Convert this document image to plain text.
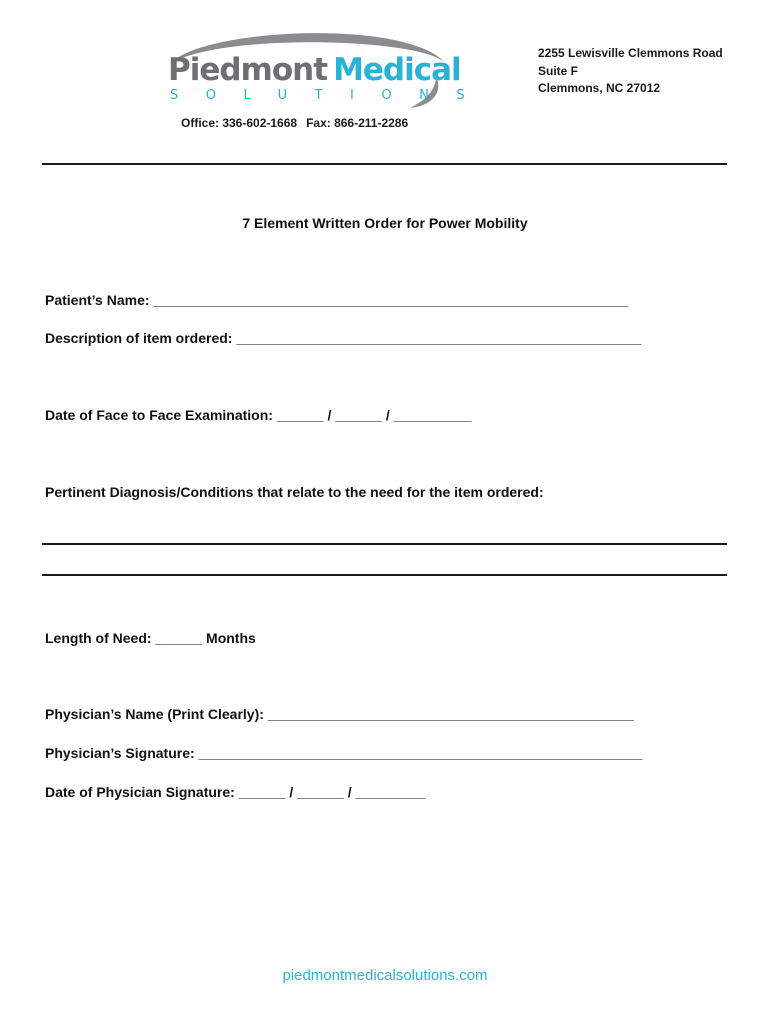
Piedmont Medical
SOLUTIONS
2255 Lewisville Clemmons Road
Suite F
Clemmons, NC 27012
Office: 336-602-1668 Fax: 866-211-2286
7 Element Written Order for Power Mobility
Patient’s Name: _____________________________________________________________
Description of item ordered: ____________________________________________________
Date of Face to Face Examination: ______ / ______ / __________
Pertinent Diagnosis/Conditions that relate to the need for the item ordered:
Length of Need: ______ Months
Physician’s Name (Print Clearly): _______________________________________________
Physician’s Signature: _________________________________________________________
Date of Physician Signature: ______ / ______ / _________
piedmontmedicalsolutions.com
